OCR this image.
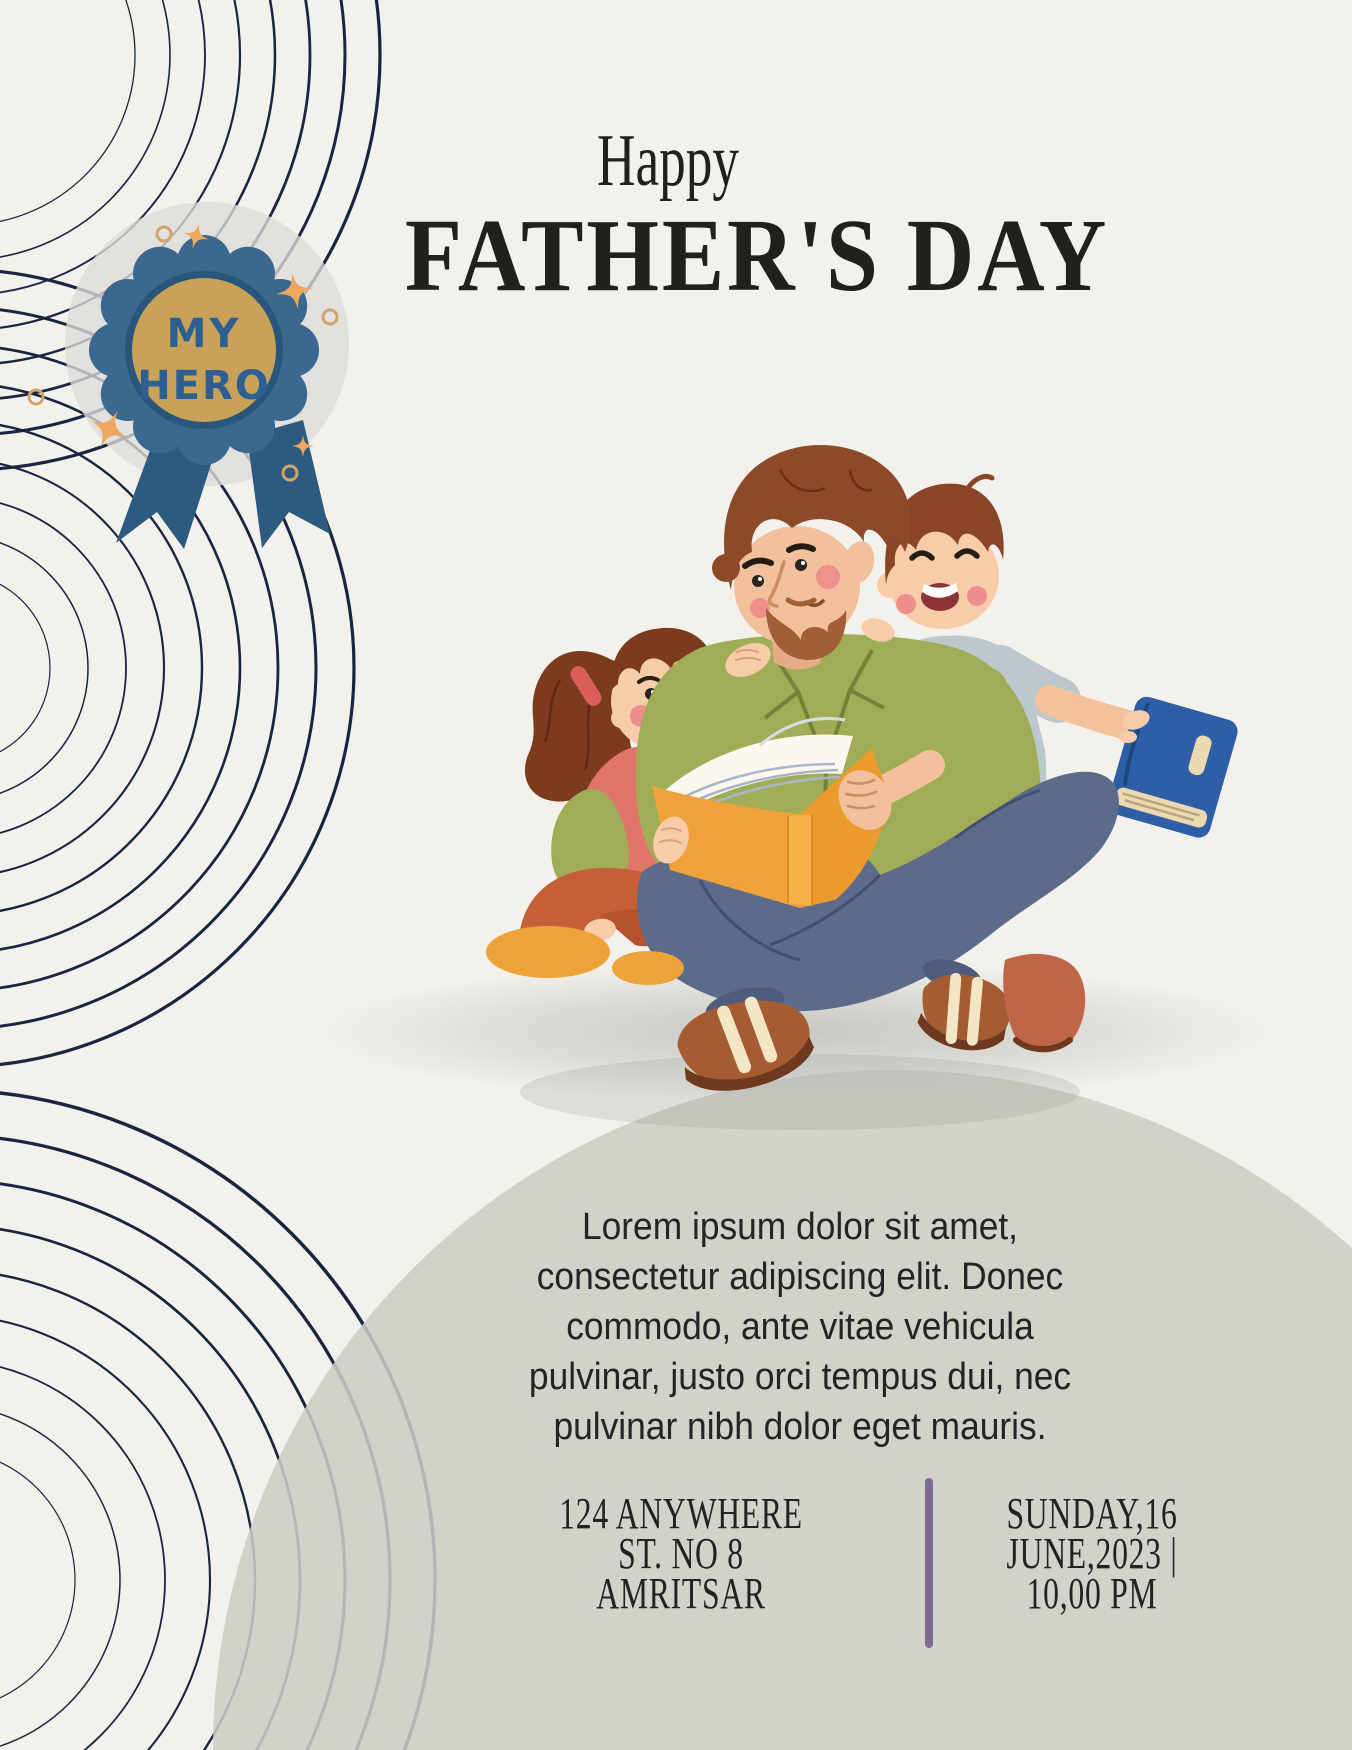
MY
HERO
Happy
FATHER'S DAY
Lorem ipsum dolor sit amet,
consectetur adipiscing elit. Donec
commodo, ante vitae vehicula
pulvinar, justo orci tempus dui, nec
pulvinar nibh dolor eget mauris.
124 ANYWHERE
ST. NO 8
AMRITSAR
SUNDAY,16
JUNE,2023 |
10,00 PM
